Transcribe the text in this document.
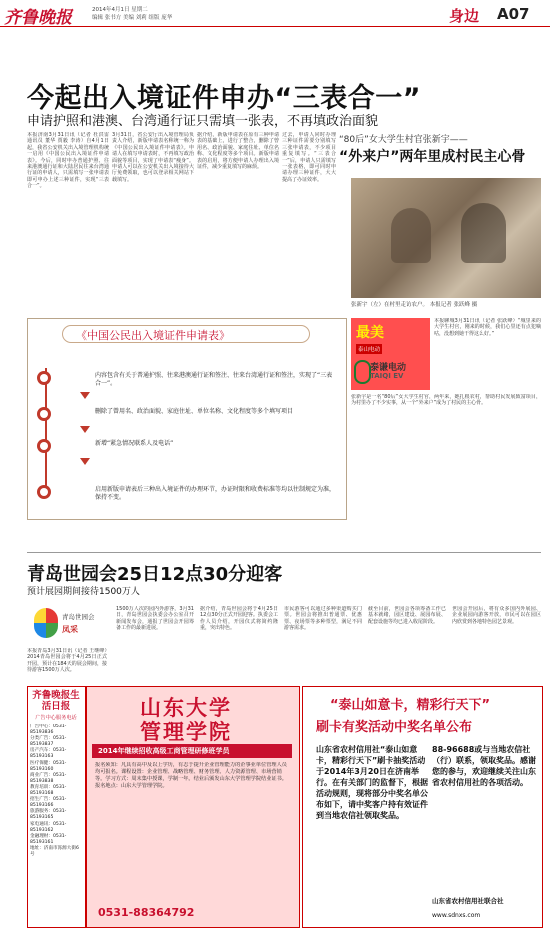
齐鲁晚报	2014年4月1日 星期二
编辑 张书方 美编 刘莉 组版 庞华	身边 A07
今起出入境证件申办“三表合一”
申请护照和港澳、台湾通行证只需填一张表，不再填政治面貌
本报济南3月31日讯（记者 杜洪雷 通讯员 董华 贾毅 李涛）自4月1日起，我省公安机关出入境管理机构统一启用《中国公民出入境证件申请表》。今后，同时申办普通护照、往来港澳通行证和大陆居民往来台湾通行证的申请人，只需填写一张申请表即可申办上述三种证件，实现“三表合一”。
3月31日，省公安厅出入境管理局负责人介绍，新版申请表名称统一称为《中国公民出入境证件申请表》。申请人在填写申请表时，不再填写政治面貌等项目，实现了申请表“瘦身”。申请人可以在公安机关出入境接待大厅免费领取，也可以登录相关网站下载填写。
据介绍，新版申请表在原有三种申请表的基础上，进行了整合，删除了曾用名、政治面貌、家庭住址、单位名称、文化程度等多个项目。新版申请表的启用，将方便申请人办理出入境证件，减少重复填写的麻烦。
过去，申请人同时办理三种证件需要分别填写三张申请表，不少项目重复填写。“三表合一”后，申请人只需填写一张表格，即可同时申请办理三种证件，大大提高了办证效率。
“80后”女大学生村官张新宇——
“外来户”两年里成村民主心骨
张新宇（左）在村里走访农户。 本报记者 张跃峰 摄
本报聊城3月31日讯（记者 张跃峰）“城里来的大学生村官，刚来的时候，我们心里还有点犯嘀咕，没想到她干得这么好。”
张新宇是一名“80后”女大学生村官，两年来，她扎根农村，帮助村民发展致富项目，为村里办了不少实事，从一个“外来户”成为了村民的主心骨。
最美
泰山电动
泰谦电动
TAIQI EV
《中国公民出入境证件申请表》
内容包含有关于普通护照、往来港澳通行证和签注、往来台湾通行证和签注，实现了“三表合一”。
删除了曾用名、政治面貌、家庭住址、单位名称、文化程度等多个填写项目
新增“紧急情况联系人及电话”
启用新版申请表后三种出入境证件的办理环节，办证时限和收费标准等均以往制规定为准，保持不变。
青岛世园会25日12点30分迎客
预计展园期间接待1500万人
青岛世园会
凤采
本报青岛3月31日讯（记者 王继峰）2014青岛世园会将于4月25日正式开园，预计在184天的展会期间，接待游客1500万人次。
1500万人次的园内外游客，3月31日，青岛世园会执委会办公室召开新闻发布会，通报了世园会开园筹备工作的最新进展。
据介绍，青岛世园会将于4月25日12点30分正式开园迎客。执委会工作人员介绍，开园仪式将简约隆重，突出特色。
市民游客可以通过多种渠道购买门票。世园会将推出普通票、优惠票、夜场票等多种票型，满足不同游客需求。
截至目前，世园会各项筹备工作已基本就绪，园区建设、展园布展、配套设施等均已进入收尾阶段。
世园会开园后，将有众多国内外展园、企业展园向游客开放，市民可以在园区内欣赏到各地特色园艺景观。
齐鲁晚报生活日报
广告中心服务电话
广告中心：0531-85193836
分类广告：0531-85193837
房产汽车：0531-85193163
医疗保健：0531-85193160
商业广告：0531-85193838
教育培训：0531-85193168
招生广告：0531-85193166
旅游服务：0531-85193165
家电通讯：0531-85193162
金融理财：0531-85193161
地址：济南市泺源大街6号
山东大学
管理学院
2014年继续招收高级工商管理研修班学员
报名须知：凡具有高中及以上学历，有志于提升企业管理能力的企事业单位管理人员均可报名。课程设置：企业管理、战略管理、财务管理、人力资源管理、市场营销等。学习方式：周末集中授课，学制一年。结业后颁发山东大学管理学院结业证书。报名地点：山东大学管理学院。
0531-88364792
“泰山如意卡，精彩行天下”
刷卡有奖活动中奖名单公布
山东省农村信用社“泰山如意卡，精彩行天下”刷卡抽奖活动于2014年3月20日在济南举行。在有关部门的监督下，根据活动规则，现将部分中奖名单公布如下，请中奖客户持有效证件到当地农信社领取奖品。
88-96688或与当地农信社（行）联系，领取奖品。感谢您的参与，欢迎继续关注山东省农村信用社的各项活动。
山东省农村信用社联合社
www.sdnxs.com
